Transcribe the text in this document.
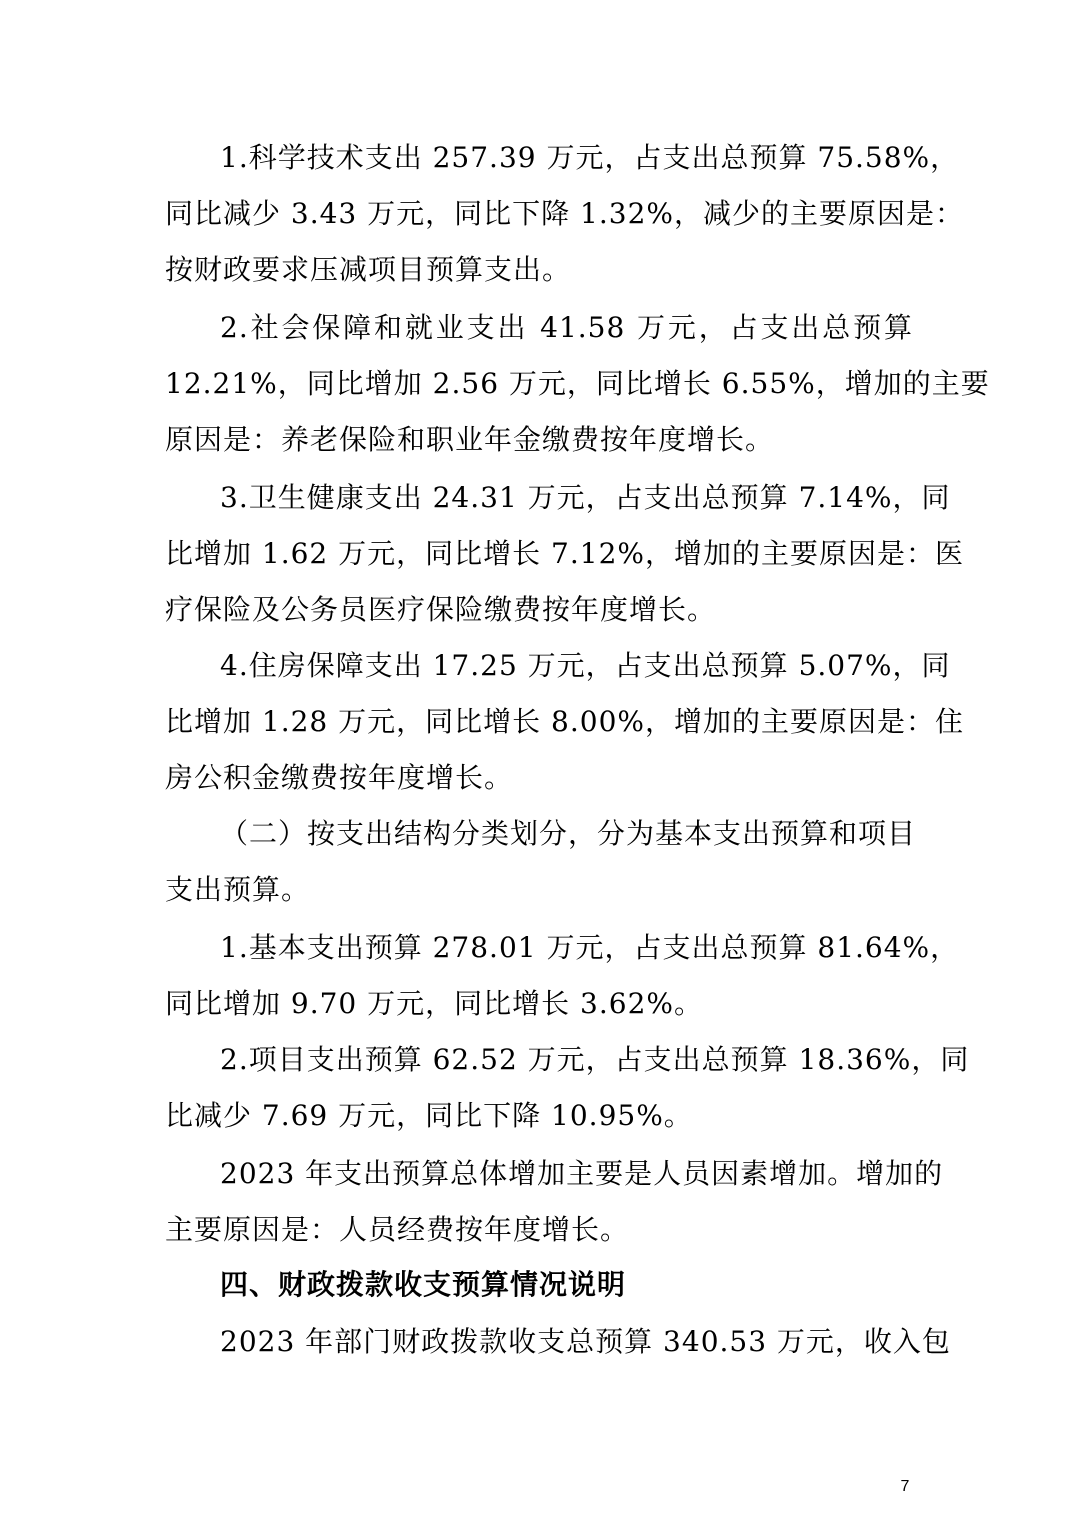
1.科学技术支出 257.39 万元，占支出总预算 75.58%，
同比减少 3.43 万元，同比下降 1.32%，减少的主要原因是：
按财政要求压减项目预算支出。
2.社会保障和就业支出 41.58 万元，占支出总预算
12.21%，同比增加 2.56 万元，同比增长 6.55%，增加的主要
原因是：养老保险和职业年金缴费按年度增长。
3.卫生健康支出 24.31 万元，占支出总预算 7.14%，同
比增加 1.62 万元，同比增长 7.12%，增加的主要原因是：医
疗保险及公务员医疗保险缴费按年度增长。
4.住房保障支出 17.25 万元，占支出总预算 5.07%，同
比增加 1.28 万元，同比增长 8.00%，增加的主要原因是：住
房公积金缴费按年度增长。
（二）按支出结构分类划分，分为基本支出预算和项目
支出预算。
1.基本支出预算 278.01 万元，占支出总预算 81.64%，
同比增加 9.70 万元，同比增长 3.62%。
2.项目支出预算 62.52 万元，占支出总预算 18.36%，同
比减少 7.69 万元，同比下降 10.95%。
2023 年支出预算总体增加主要是人员因素增加。增加的
主要原因是：人员经费按年度增长。
四、财政拨款收支预算情况说明
2023 年部门财政拨款收支总预算 340.53 万元，收入包
7
